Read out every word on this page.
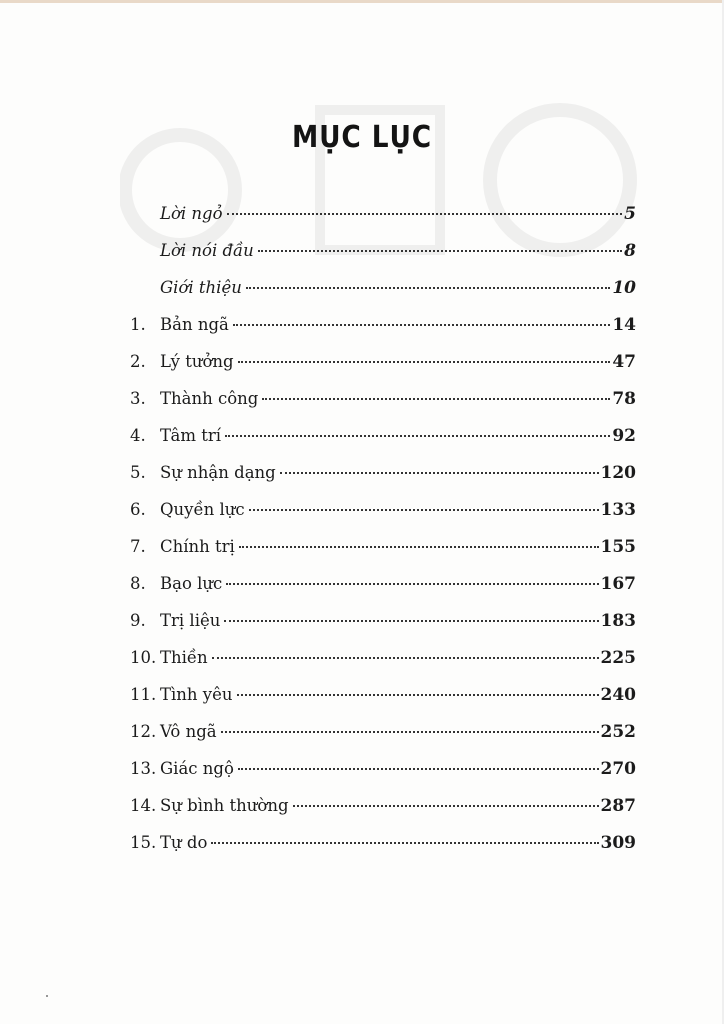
MỤC LỤC
Lời ngỏ	5
Lời nói đầu	8
Giới thiệu	10
1. Bản ngã	14
2. Lý tưởng	47
3. Thành công	78
4. Tâm trí	92
5. Sự nhận dạng	120
6. Quyền lực	133
7. Chính trị	155
8. Bạo lực	167
9. Trị liệu	183
10. Thiền	225
11. Tình yêu	240
12. Vô ngã	252
13. Giác ngộ	270
14. Sự bình thường	287
15. Tự do	309
